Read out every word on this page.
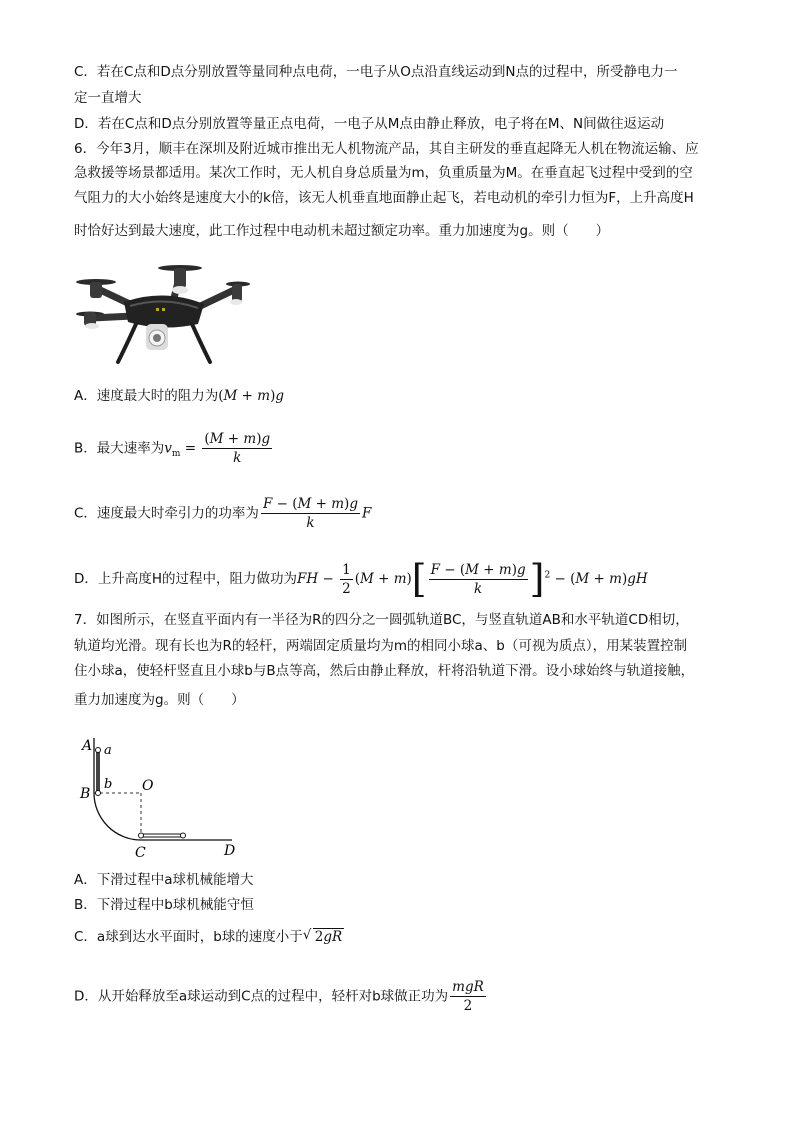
C．若在C点和D点分别放置等量同种点电荷，一电子从O点沿直线运动到N点的过程中，所受静电力一
定一直增大
D．若在C点和D点分别放置等量正点电荷，一电子从M点由静止释放，电子将在M、N间做往返运动
6．今年3月，顺丰在深圳及附近城市推出无人机物流产品，其自主研发的垂直起降无人机在物流运输、应
急救援等场景都适用。某次工作时，无人机自身总质量为m，负重质量为M。在垂直起飞过程中受到的空
气阻力的大小始终是速度大小的k倍，该无人机垂直地面静止起飞，若电动机的牵引力恒为F，上升高度H
时恰好达到最大速度，此工作过程中电动机未超过额定功率。重力加速度为g。则（　　）
A．速度最大时的阻力为(M + m)g
B．最大速率为$v_m = \frac{(M + m)g}{k}$
C．速度最大时牵引力的功率为 $\frac{F - (M + m)g}{k}$ F
D．上升高度H的过程中，阻力做功为FH − $\frac{1}{2} (M + m)[ \frac{F - (M + m)g}{k} ]^2 - (M + m)gH$
7．如图所示，在竖直平面内有一半径为R的四分之一圆弧轨道BC，与竖直轨道AB和水平轨道CD相切，
轨道均光滑。现有长也为R的轻杆，两端固定质量均为m的相同小球a、b（可视为质点），用某装置控制
住小球a，使轻杆竖直且小球b与B点等高，然后由静止释放，杆将沿轨道下滑。设小球始终与轨道接触，
重力加速度为g。则（　　）
A a
b
B	O
C	D
A．下滑过程中a球机械能增大
B．下滑过程中b球机械能守恒
C．a球到达水平面时，b球的速度小于 √ 2gR
D．从开始释放至a球运动到C点的过程中，轻杆对b球做正功为 $\frac{\text{mgR}}{2}$
